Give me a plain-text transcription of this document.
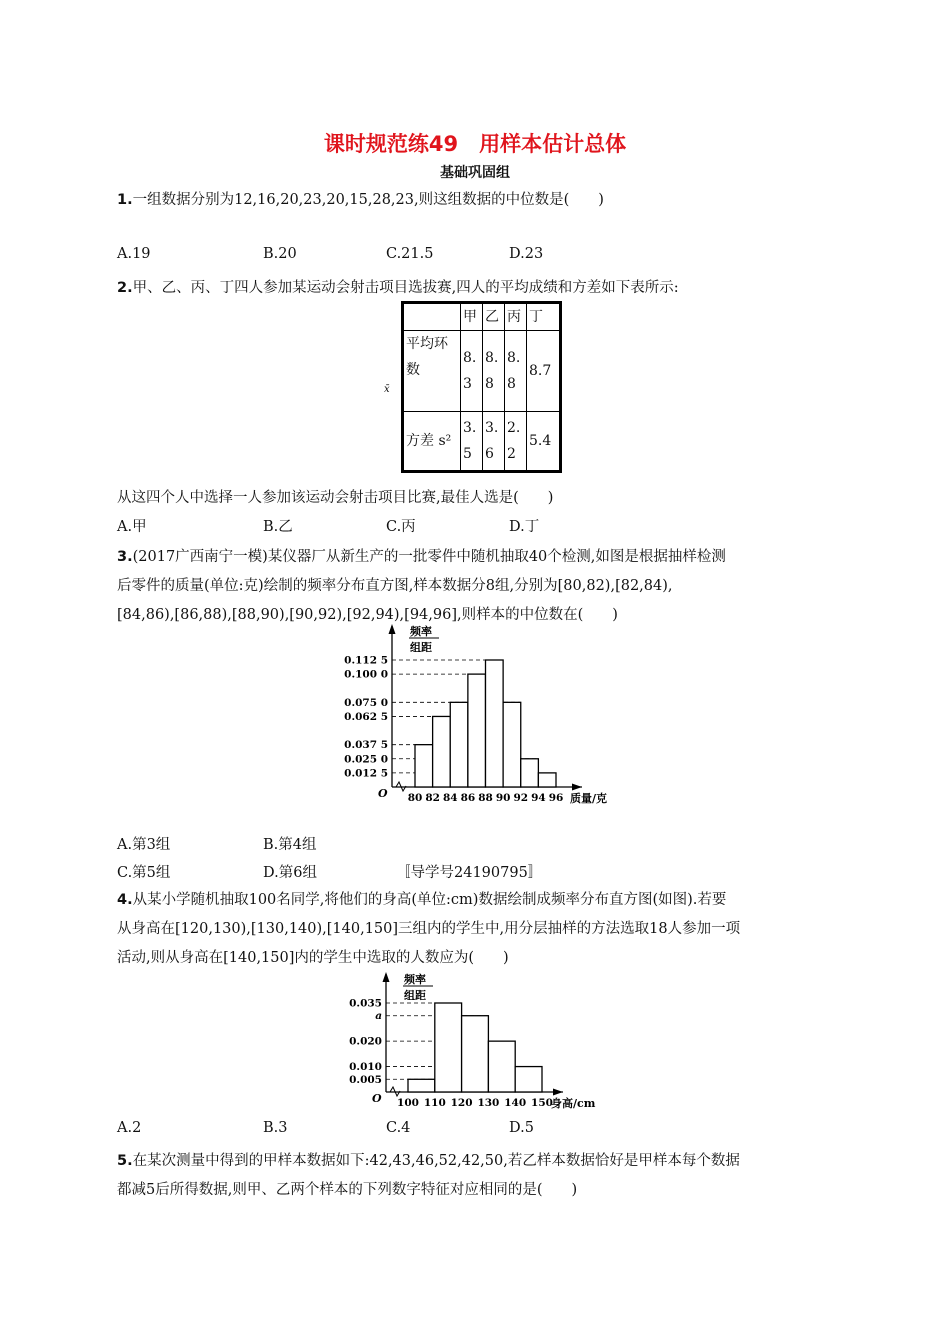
课时规范练49　用样本估计总体
基础巩固组
1.一组数据分别为12,16,20,23,20,15,28,23,则这组数据的中位数是(　　)
A.19	B.20	C.21.5	D.23
2.甲、乙、丙、丁四人参加某运动会射击项目选拔赛,四人的平均成绩和方差如下表所示:
	甲	乙	丙	丁
平均环数$^{x̄}$	8.3	8.8	8.8	8.7
方差 s²	3.5	3.6	2.2	5.4
从这四个人中选择一人参加该运动会射击项目比赛,最佳人选是(　　)
A.甲	B.乙	C.丙	D.丁
3.(2017广西南宁一模)某仪器厂从新生产的一批零件中随机抽取40个检测,如图是根据抽样检测
后零件的质量(单位:克)绘制的频率分布直方图,样本数据分8组,分别为[80,82),[82,84),
[84,86),[86,88),[88,90),[90,92),[92,94),[94,96],则样本的中位数在(　　)
频率
组距
O
0.112 5
0.100 0
0.075 0
0.062 5
0.037 5
0.025 0
0.012 5
80 82 84 86 88 90 92 94 96 质量/克
A.第3组	B.第4组
C.第5组	D.第6组	〚导学号24190795〛
4.从某小学随机抽取100名同学,将他们的身高(单位:cm)数据绘制成频率分布直方图(如图).若要
从身高在[120,130),[130,140),[140,150]三组内的学生中,用分层抽样的方法选取18人参加一项
活动,则从身高在[140,150]内的学生中选取的人数应为(　　)
频率
组距
O
0.035
a
0.020
0.010
0.005
100 110 120 130 140 150
身高/cm
A.2	B.3	C.4	D.5
5.在某次测量中得到的甲样本数据如下:42,43,46,52,42,50,若乙样本数据恰好是甲样本每个数据
都减5后所得数据,则甲、乙两个样本的下列数字特征对应相同的是(　　)
